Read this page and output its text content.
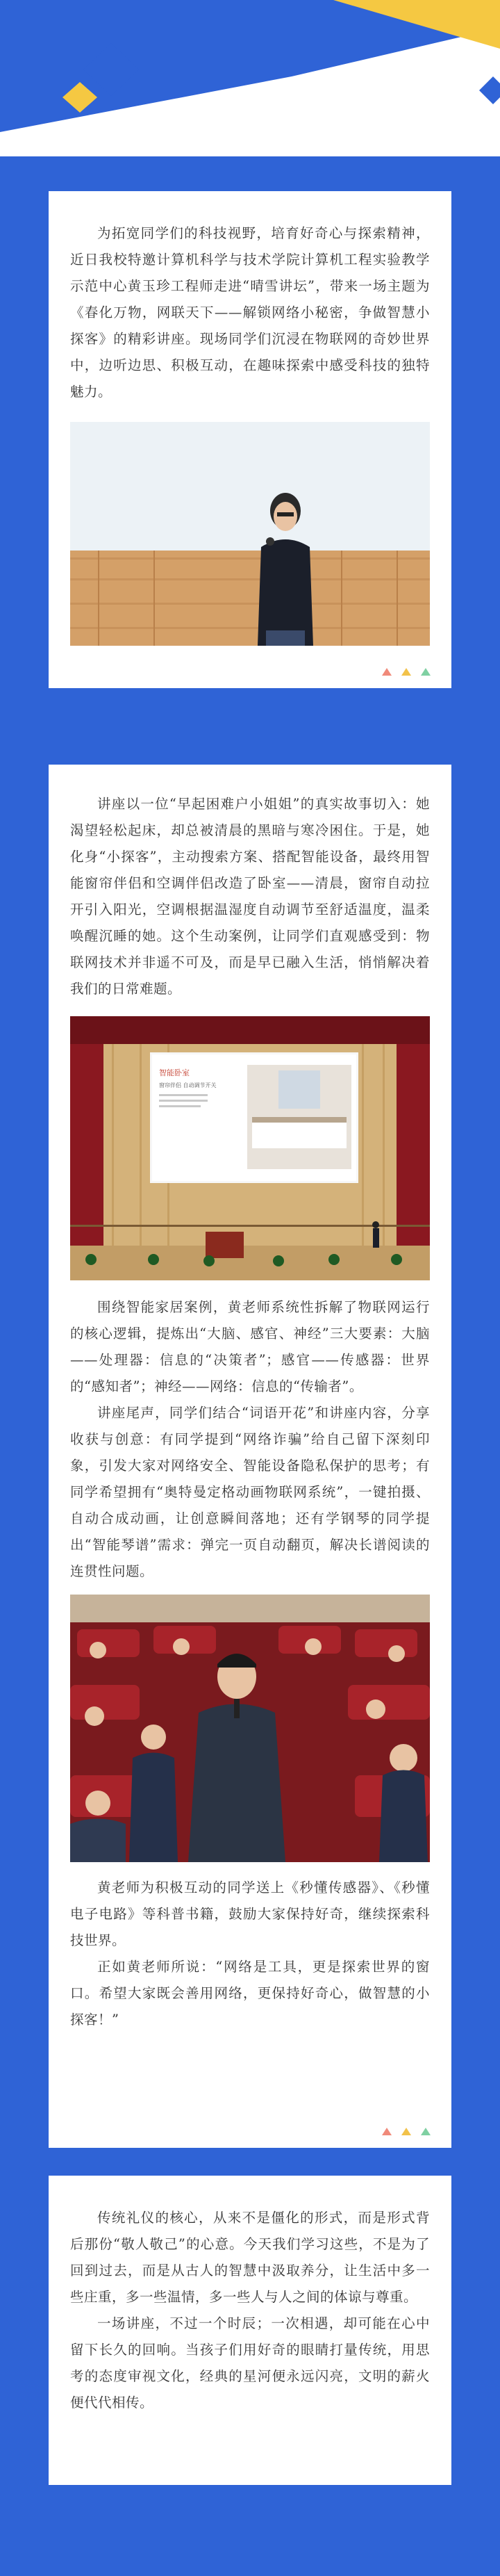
为拓宽同学们的科技视野，培育好奇心与探索精神，近日我校特邀计算机科学与技术学院计算机工程实验教学示范中心黄玉珍工程师走进“晴雪讲坛”，带来一场主题为《春化万物，网联天下——解锁网络小秘密，争做智慧小探客》的精彩讲座。现场同学们沉浸在物联网的奇妙世界中，边听边思、积极互动，在趣味探索中感受科技的独特魅力。

讲座以一位“早起困难户小姐姐”的真实故事切入：她渴望轻松起床，却总被清晨的黑暗与寒冷困住。于是，她化身“小探客”，主动搜索方案、搭配智能设备，最终用智能窗帘伴侣和空调伴侣改造了卧室——清晨，窗帘自动拉开引入阳光，空调根据温湿度自动调节至舒适温度，温柔唤醒沉睡的她。这个生动案例，让同学们直观感受到：物联网技术并非遥不可及，而是早已融入生活，悄悄解决着我们的日常难题。

智能卧室
窗帘伴侣 自动调节开关

围绕智能家居案例，黄老师系统性拆解了物联网运行的核心逻辑，提炼出“大脑、感官、神经”三大要素：大脑——处理器：信息的“决策者”；感官——传感器：世界的“感知者”；神经——网络：信息的“传输者”。

讲座尾声，同学们结合“词语开花”和讲座内容，分享收获与创意：有同学提到“网络诈骗”给自己留下深刻印象，引发大家对网络安全、智能设备隐私保护的思考；有同学希望拥有“奥特曼定格动画物联网系统”，一键拍摄、自动合成动画，让创意瞬间落地；还有学钢琴的同学提出“智能琴谱”需求：弹完一页自动翻页，解决长谱阅读的连贯性问题。

黄老师为积极互动的同学送上《秒懂传感器》、《秒懂电子电路》等科普书籍，鼓励大家保持好奇，继续探索科技世界。

正如黄老师所说：“网络是工具，更是探索世界的窗口。希望大家既会善用网络，更保持好奇心，做智慧的小探客！”

传统礼仪的核心，从来不是僵化的形式，而是形式背后那份“敬人敬己”的心意。今天我们学习这些，不是为了回到过去，而是从古人的智慧中汲取养分，让生活中多一些庄重，多一些温情，多一些人与人之间的体谅与尊重。

一场讲座，不过一个时辰；一次相遇，却可能在心中留下长久的回响。当孩子们用好奇的眼睛打量传统，用思考的态度审视文化，经典的星河便永远闪亮，文明的薪火便代代相传。
